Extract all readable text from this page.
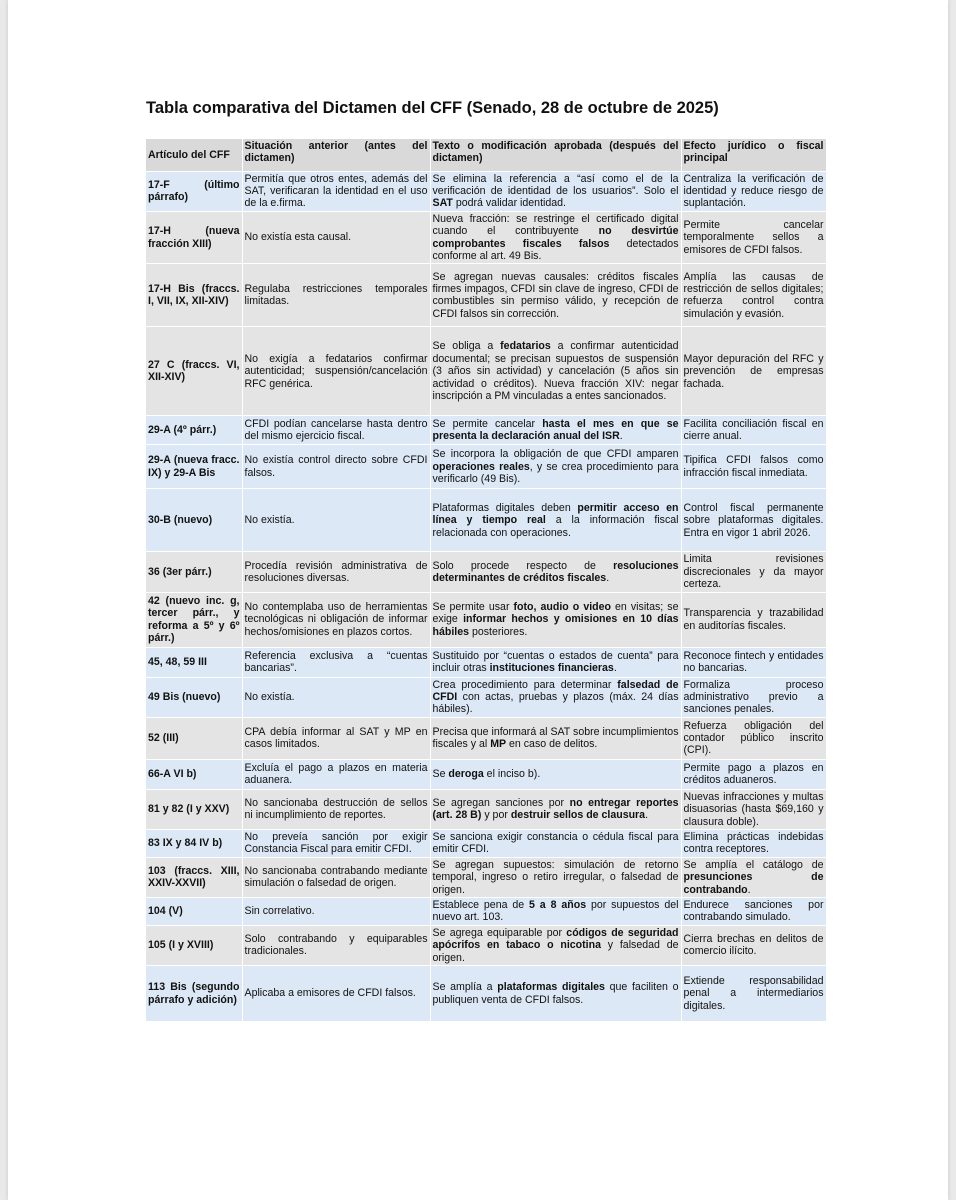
Tabla comparativa del Dictamen del CFF (Senado, 28 de octubre de 2025)
Artículo del CFF	Situación anterior (antes del dictamen)	Texto o modificación aprobada (después del dictamen)	Efecto jurídico o fiscal principal
17-F (último párrafo)	Permitía que otros entes, además del SAT, verificaran la identidad en el uso de la e.firma.	Se elimina la referencia a “así como el de la verificación de identidad de los usuarios”. Solo el SAT podrá validar identidad.	Centraliza la verificación de identidad y reduce riesgo de suplantación.
17-H (nueva fracción XIII)	No existía esta causal.	Nueva fracción: se restringe el certificado digital cuando el contribuyente no desvirtúe comprobantes fiscales falsos detectados conforme al art. 49 Bis.	Permite cancelar temporalmente sellos a emisores de CFDI falsos.
17-H Bis (fraccs. I, VII, IX, XII-XIV)	Regulaba restricciones temporales limitadas.	Se agregan nuevas causales: créditos fiscales firmes impagos, CFDI sin clave de ingreso, CFDI de combustibles sin permiso válido, y recepción de CFDI falsos sin corrección.	Amplía las causas de restricción de sellos digitales; refuerza control contra simulación y evasión.
27 C (fraccs. VI, XII-XIV)	No exigía a fedatarios confirmar autenticidad; suspensión/cancelación RFC genérica.	Se obliga a fedatarios a confirmar autenticidad documental; se precisan supuestos de suspensión (3 años sin actividad) y cancelación (5 años sin actividad o créditos). Nueva fracción XIV: negar inscripción a PM vinculadas a entes sancionados.	Mayor depuración del RFC y prevención de empresas fachada.
29-A (4º párr.)	CFDI podían cancelarse hasta dentro del mismo ejercicio fiscal.	Se permite cancelar hasta el mes en que se presenta la declaración anual del ISR.	Facilita conciliación fiscal en cierre anual.
29-A (nueva fracc. IX) y 29-A Bis	No existía control directo sobre CFDI falsos.	Se incorpora la obligación de que CFDI amparen operaciones reales, y se crea procedimiento para verificarlo (49 Bis).	Tipifica CFDI falsos como infracción fiscal inmediata.
30-B (nuevo)	No existía.	Plataformas digitales deben permitir acceso en línea y tiempo real a la información fiscal relacionada con operaciones.	Control fiscal permanente sobre plataformas digitales. Entra en vigor 1 abril 2026.
36 (3er párr.)	Procedía revisión administrativa de resoluciones diversas.	Solo procede respecto de resoluciones determinantes de créditos fiscales.	Limita revisiones discrecionales y da mayor certeza.
42 (nuevo inc. g, tercer párr., y reforma a 5º y 6º párr.)	No contemplaba uso de herramientas tecnológicas ni obligación de informar hechos/omisiones en plazos cortos.	Se permite usar foto, audio o video en visitas; se exige informar hechos y omisiones en 10 días hábiles posteriores.	Transparencia y trazabilidad en auditorías fiscales.
45, 48, 59 III	Referencia exclusiva a “cuentas bancarias”.	Sustituido por “cuentas o estados de cuenta” para incluir otras instituciones financieras.	Reconoce fintech y entidades no bancarias.
49 Bis (nuevo)	No existía.	Crea procedimiento para determinar falsedad de CFDI con actas, pruebas y plazos (máx. 24 días hábiles).	Formaliza proceso administrativo previo a sanciones penales.
52 (III)	CPA debía informar al SAT y MP en casos limitados.	Precisa que informará al SAT sobre incumplimientos fiscales y al MP en caso de delitos.	Refuerza obligación del contador público inscrito (CPI).
66-A VI b)	Excluía el pago a plazos en materia aduanera.	Se deroga el inciso b).	Permite pago a plazos en créditos aduaneros.
81 y 82 (I y XXV)	No sancionaba destrucción de sellos ni incumplimiento de reportes.	Se agregan sanciones por no entregar reportes (art. 28 B) y por destruir sellos de clausura.	Nuevas infracciones y multas disuasorias (hasta $69,160 y clausura doble).
83 IX y 84 IV b)	No preveía sanción por exigir Constancia Fiscal para emitir CFDI.	Se sanciona exigir constancia o cédula fiscal para emitir CFDI.	Elimina prácticas indebidas contra receptores.
103 (fraccs. XIII, XXIV-XXVII)	No sancionaba contrabando mediante simulación o falsedad de origen.	Se agregan supuestos: simulación de retorno temporal, ingreso o retiro irregular, o falsedad de origen.	Se amplía el catálogo de presunciones de contrabando.
104 (V)	Sin correlativo.	Establece pena de 5 a 8 años por supuestos del nuevo art. 103.	Endurece sanciones por contrabando simulado.
105 (I y XVIII)	Solo contrabando y equiparables tradicionales.	Se agrega equiparable por códigos de seguridad apócrifos en tabaco o nicotina y falsedad de origen.	Cierra brechas en delitos de comercio ilícito.
113 Bis (segundo párrafo y adición)	Aplicaba a emisores de CFDI falsos.	Se amplía a plataformas digitales que faciliten o publiquen venta de CFDI falsos.	Extiende responsabilidad penal a intermediarios digitales.
